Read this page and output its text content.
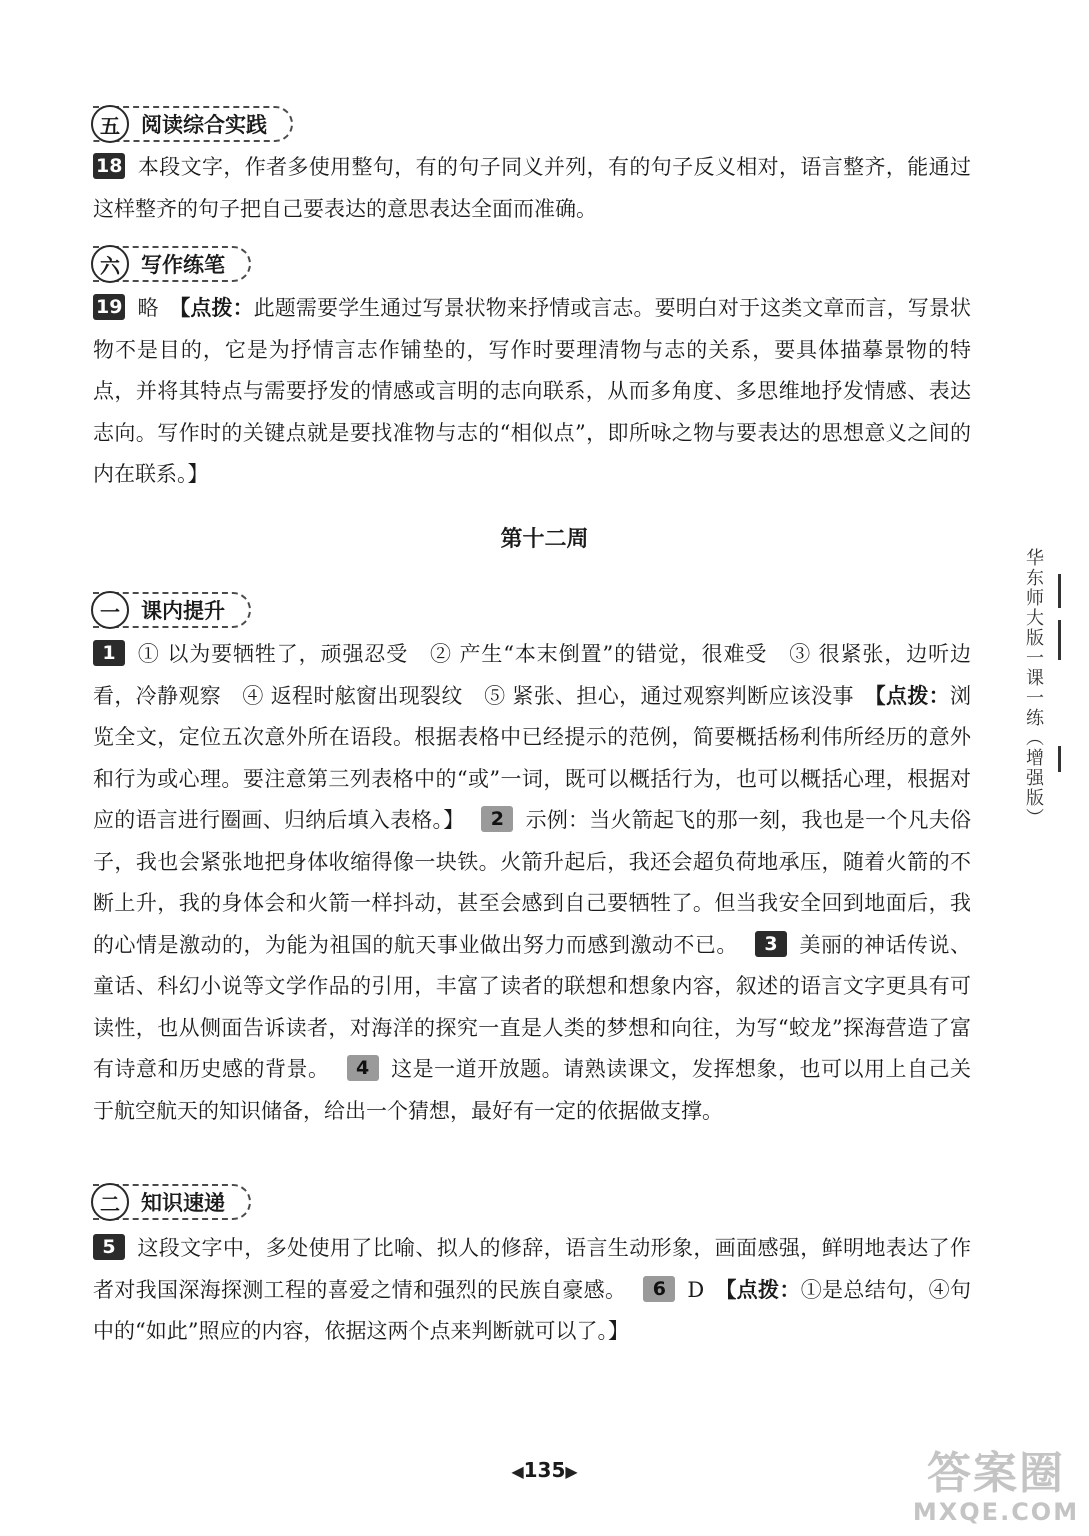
五	阅读综合实践
18 本段文字，作者多使用整句，有的句子同义并列，有的句子反义相对，语言整齐，能通过这样整齐的句子把自己要表达的意思表达全面而准确。
六	写作练笔
19 略　 【点拨：此题需要学生通过写景状物来抒情或言志。要明白对于这类文章而言，写景状物不是目的，它是为抒情言志作铺垫的，写作时要理清物与志的关系，要具体描摹景物的特点，并将其特点与需要抒发的情感或言明的志向联系，从而多角度、多思维地抒发情感、表达志向。写作时的关键点就是要找准物与志的“相似点”，即所咏之物与要表达的思想意义之间的内在联系。】
第十二周
一	课内提升
1 ① 以为要牺牲了，顽强忍受　② 产生“本末倒置”的错觉，很难受　③ 很紧张，边听边看，冷静观察　④ 返程时舷窗出现裂纹　⑤ 紧张、担心，通过观察判断应该没事　【点拨：浏览全文，定位五次意外所在语段。根据表格中已经提示的范例，简要概括杨利伟所经历的意外和行为或心理。要注意第三列表格中的“或”一词，既可以概括行为，也可以概括心理，根据对应的语言进行圈画、归纳后填入表格。】 2 示例：当火箭起飞的那一刻，我也是一个凡夫俗子，我也会紧张地把身体收缩得像一块铁。火箭升起后，我还会超负荷地承压，随着火箭的不断上升，我的身体会和火箭一样抖动，甚至会感到自己要牺牲了。但当我安全回到地面后，我的心情是激动的，为能为祖国的航天事业做出努力而感到激动不已。 3 美丽的神话传说、童话、科幻小说等文学作品的引用，丰富了读者的联想和想象内容，叙述的语言文字更具有可读性，也从侧面告诉读者，对海洋的探究一直是人类的梦想和向往，为写“蛟龙”探海营造了富有诗意和历史感的背景。 4 这是一道开放题。请熟读课文，发挥想象，也可以用上自己关于航空航天的知识储备，给出一个猜想，最好有一定的依据做支撑。
二	知识速递
5 这段文字中，多处使用了比喻、拟人的修辞，语言生动形象，画面感强，鲜明地表达了作者对我国深海探测工程的喜爱之情和强烈的民族自豪感。 6 D　 【点拨：①是总结句，④句中的“如此”照应的内容，依据这两个点来判断就可以了。】
华东师大版一课一练（增强版）
◀135▶	答案圈
MXQE.COM
